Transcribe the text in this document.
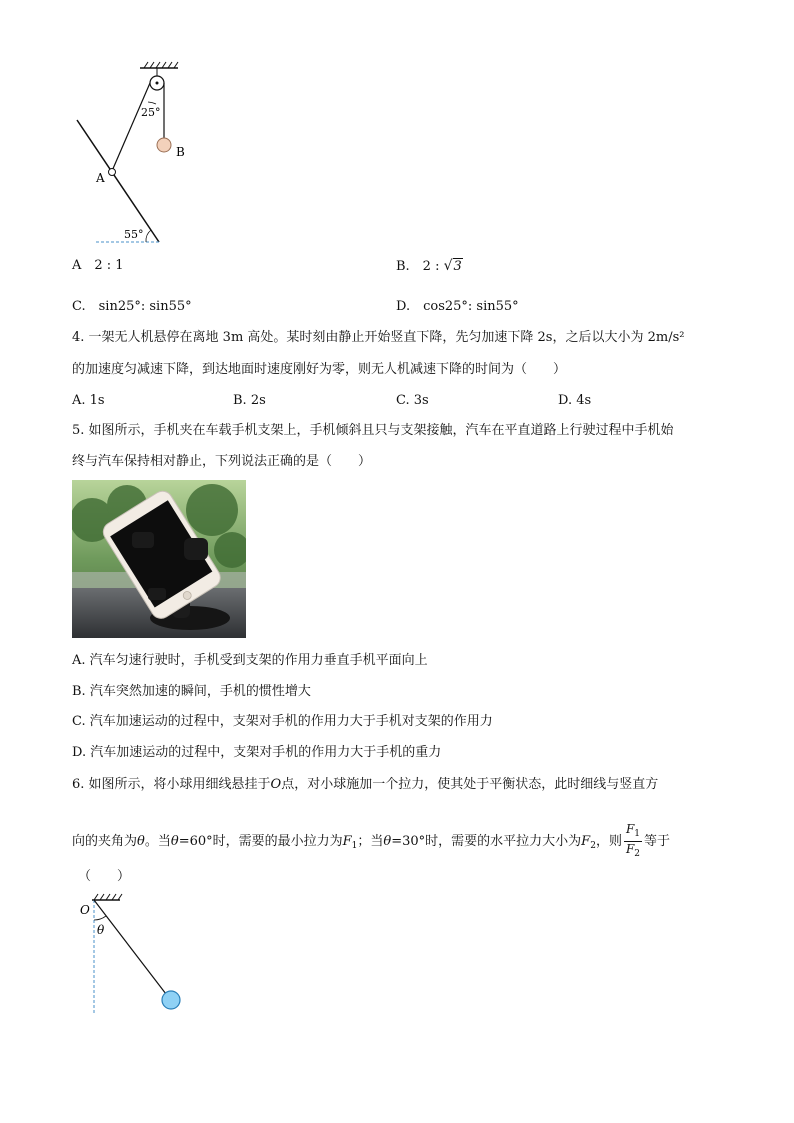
25°
A
B
55°
A　2 : 1	B.　2 : √3
C.　sin25°: sin55°	D.　cos25°: sin55°
4. 一架无人机悬停在离地 3m 高处。某时刻由静止开始竖直下降，先匀加速下降 2s，之后以大小为 2m/s²
的加速度匀减速下降，到达地面时速度刚好为零，则无人机减速下降的时间为（　　）
A. 1s	B. 2s	C. 3s	D. 4s
5. 如图所示，手机夹在车载手机支架上，手机倾斜且只与支架接触，汽车在平直道路上行驶过程中手机始
终与汽车保持相对静止，下列说法正确的是（　　）
A. 汽车匀速行驶时，手机受到支架的作用力垂直手机平面向上
B. 汽车突然加速的瞬间，手机的惯性增大
C. 汽车加速运动的过程中，支架对手机的作用力大于手机对支架的作用力
D. 汽车加速运动的过程中，支架对手机的作用力大于手机的重力
6. 如图所示，将小球用细线悬挂于O点，对小球施加一个拉力，使其处于平衡状态，此时细线与竖直方
向的夹角为θ。当θ=60°时，需要的最小拉力为$F_1$；当θ=30°时，需要的水平拉力大小为$F_2$，则 $\frac{F_1}{F_2}$ 等于
（　　）
O
θ
